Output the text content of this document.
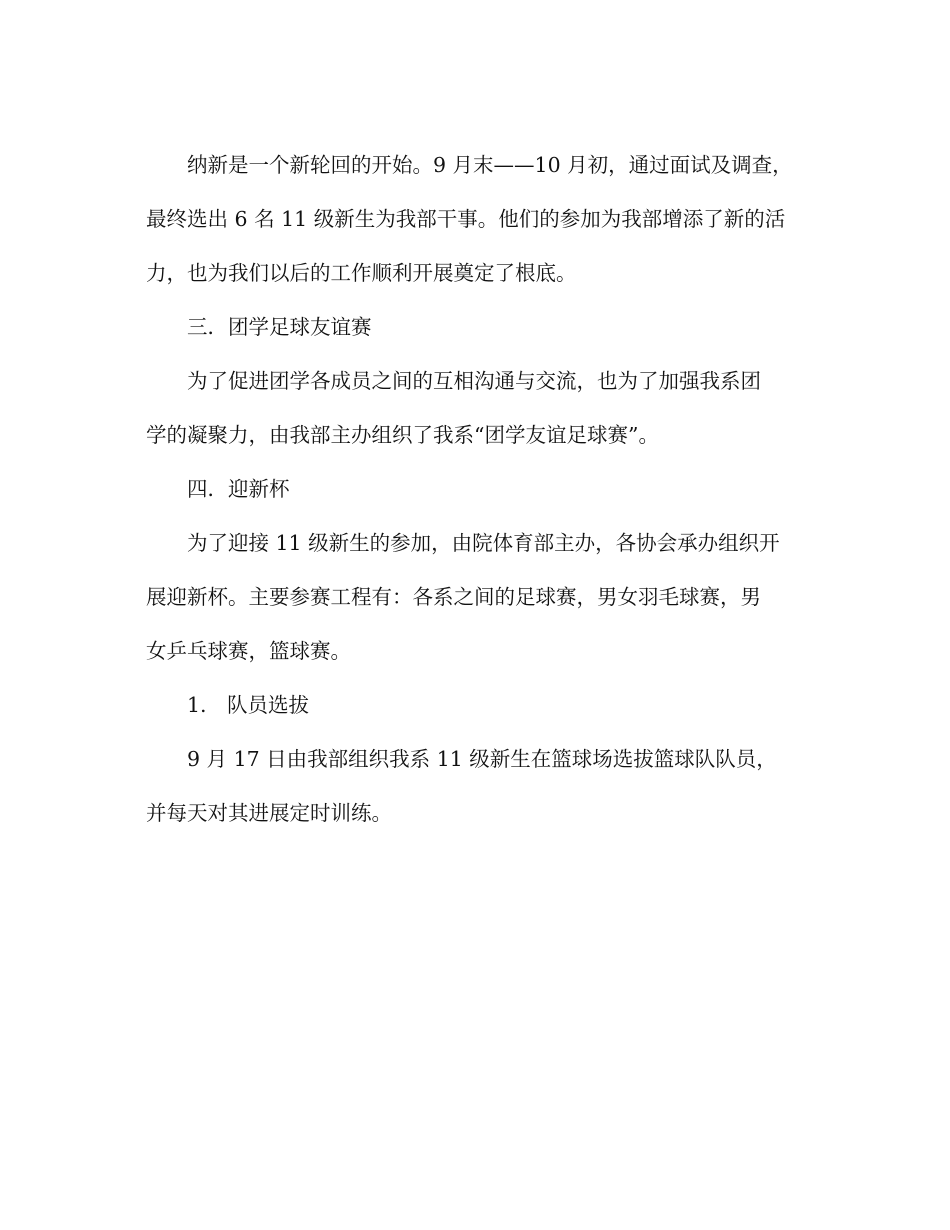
纳新是一个新轮回的开始。9 月末——10 月初，通过面试及调查，
最终选出 6 名 11 级新生为我部干事。他们的参加为我部增添了新的活
力，也为我们以后的工作顺利开展奠定了根底。

三．团学足球友谊赛

为了促进团学各成员之间的互相沟通与交流，也为了加强我系团
学的凝聚力，由我部主办组织了我系“团学友谊足球赛”。

四．迎新杯

为了迎接 11 级新生的参加，由院体育部主办，各协会承办组织开
展迎新杯。主要参赛工程有：各系之间的足球赛，男女羽毛球赛，男
女乒乓球赛，篮球赛。

1.　队员选拔

9 月 17 日由我部组织我系 11 级新生在篮球场选拔篮球队队员，
并每天对其进展定时训练。
